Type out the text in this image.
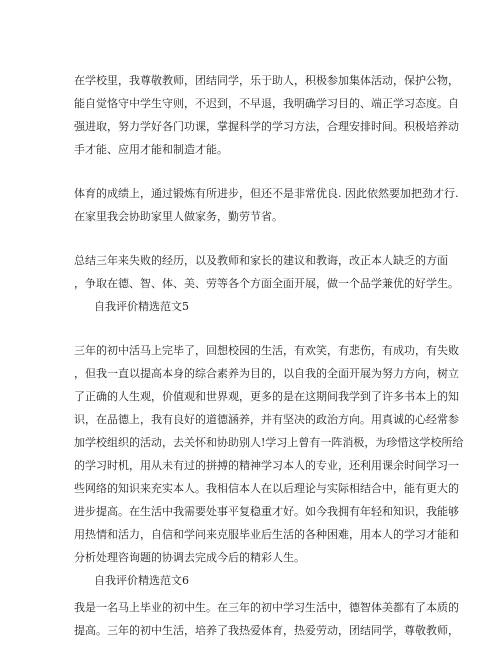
在学校里，我尊敬教师，团结同学，乐于助人，积极参加集体活动，保护公物，
能自觉恪守中学生守则，不迟到，不早退，我明确学习目的、端正学习态度。自
强进取，努力学好各门功课，掌握科学的学习方法，合理安排时间。积极培养动
手才能、应用才能和制造才能。
体育的成绩上，通过锻炼有所进步，但还不是非常优良. 因此依然要加把劲才行.
在家里我会协助家里人做家务，勤劳节省。
总结三年来失败的经历，以及教师和家长的建议和教诲，改正本人缺乏的方面
，争取在德、智、体、美、劳等各个方面全面开展，做一个品学兼优的好学生。
自我评价精选范文5
三年的初中活马上完毕了，回想校园的生活，有欢笑，有悲伤，有成功，有失败
，但我一直以提高本身的综合素养为目的，以自我的全面开展为努力方向，树立
了正确的人生观，价值观和世界观，更多的是在这期间我学到了许多书本上的知
识，在品德上，我有良好的道德涵养，并有坚决的政治方向。用真诚的心经常参
加学校组织的活动，去关怀和协助别人!学习上曾有一阵消极，为珍惜这学校所给
的学习时机，用从未有过的拼搏的精神学习本人的专业，还利用课余时间学习一
些网络的知识来充实本人。我相信本人在以后理论与实际相结合中，能有更大的
进步提高。在生活中我需要处事平复稳重才好。如今我拥有年轻和知识，我能够
用热情和活力，自信和学问来克服毕业后生活的各种困难，用本人的学习才能和
分析处理咨询题的协调去完成今后的精彩人生。
自我评价精选范文6
我是一名马上毕业的初中生。在三年的初中学习生活中，德智体美都有了本质的
提高。三年的初中生活，培养了我热爱体育，热爱劳动，团结同学，尊敬教师，
